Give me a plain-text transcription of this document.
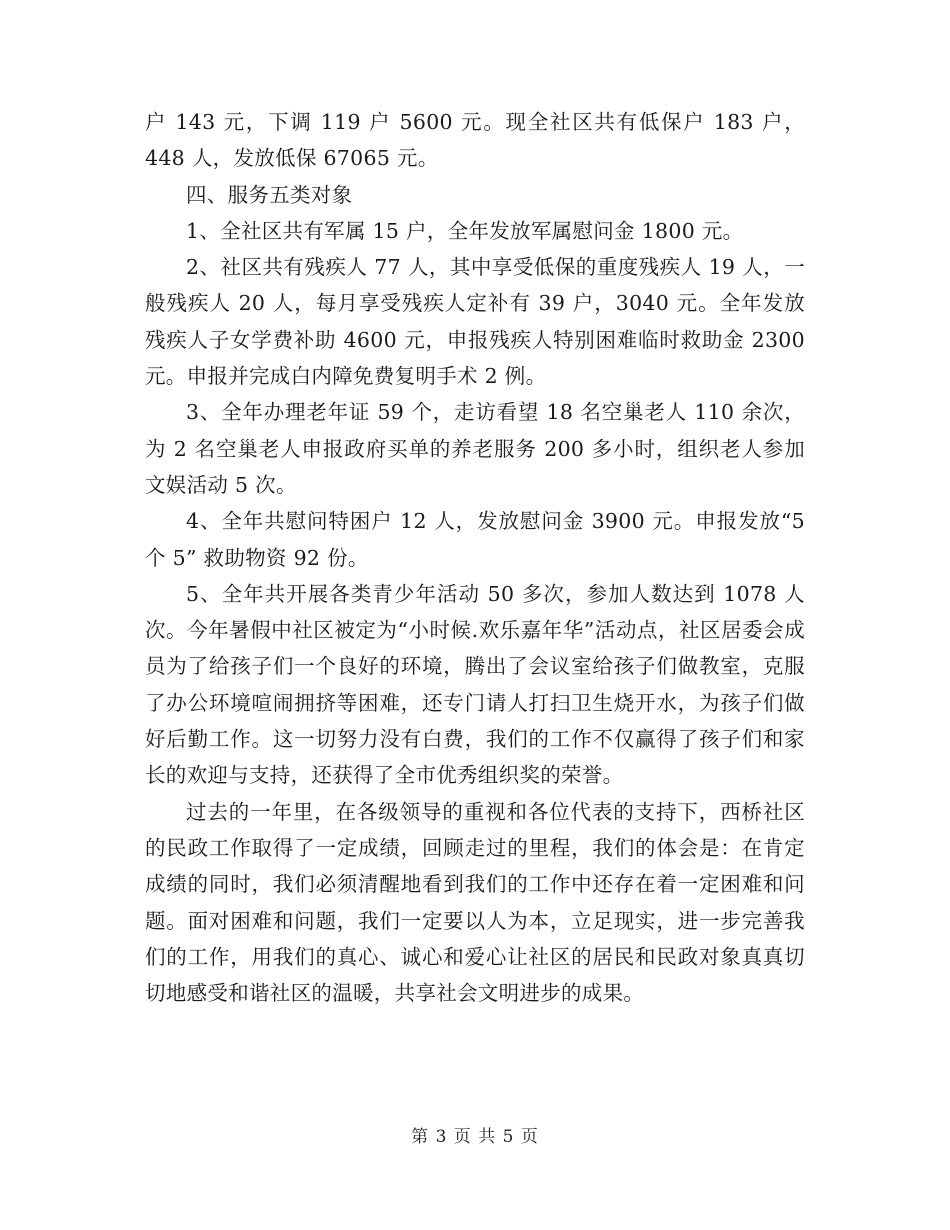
户 143 元，下调 119 户 5600 元。现全社区共有低保户 183 户，448 人，发放低保 67065 元。

四、服务五类对象

1、全社区共有军属 15 户，全年发放军属慰问金 1800 元。

2、社区共有残疾人 77 人，其中享受低保的重度残疾人 19 人，一般残疾人 20 人，每月享受残疾人定补有 39 户，3040 元。全年发放残疾人子女学费补助 4600 元，申报残疾人特别困难临时救助金 2300 元。申报并完成白内障免费复明手术 2 例。

3、全年办理老年证 59 个，走访看望 18 名空巢老人 110 余次，为 2 名空巢老人申报政府买单的养老服务 200 多小时，组织老人参加文娱活动 5 次。

4、全年共慰问特困户 12 人，发放慰问金 3900 元。申报发放“5 个 5” 救助物资 92 份。

5、全年共开展各类青少年活动 50 多次，参加人数达到 1078 人次。今年暑假中社区被定为“小时候.欢乐嘉年华”活动点，社区居委会成员为了给孩子们一个良好的环境，腾出了会议室给孩子们做教室，克服了办公环境喧闹拥挤等困难，还专门请人打扫卫生烧开水，为孩子们做好后勤工作。这一切努力没有白费，我们的工作不仅赢得了孩子们和家长的欢迎与支持，还获得了全市优秀组织奖的荣誉。

过去的一年里，在各级领导的重视和各位代表的支持下，西桥社区的民政工作取得了一定成绩，回顾走过的里程，我们的体会是：在肯定成绩的同时，我们必须清醒地看到我们的工作中还存在着一定困难和问题。面对困难和问题，我们一定要以人为本，立足现实，进一步完善我们的工作，用我们的真心、诚心和爱心让社区的居民和民政对象真真切切地感受和谐社区的温暖，共享社会文明进步的成果。

第 3 页 共 5 页
